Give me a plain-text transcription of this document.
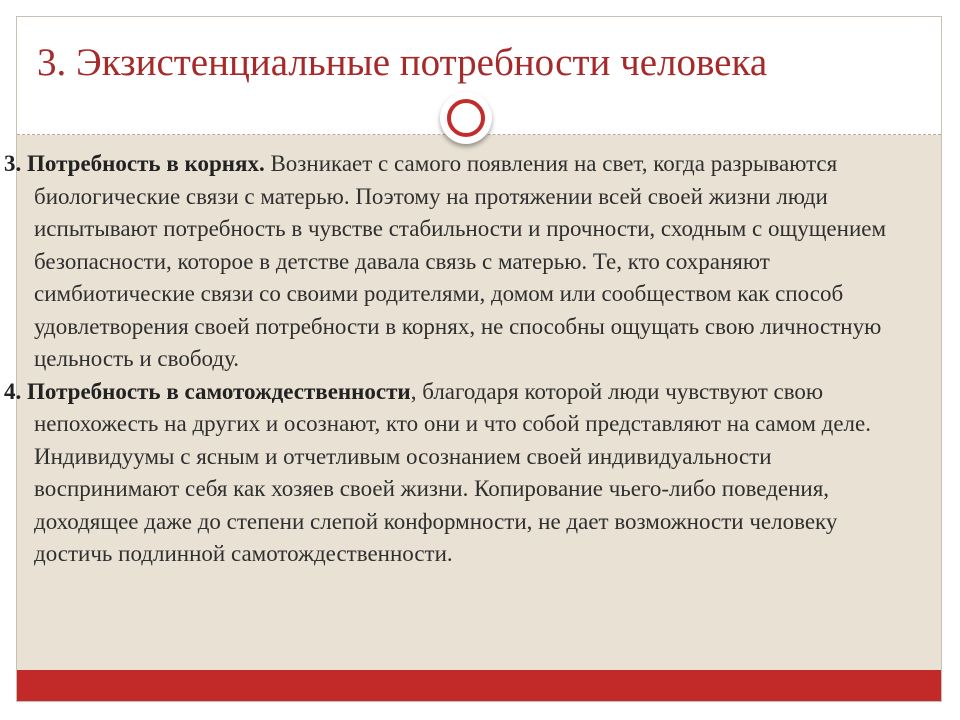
3. Экзистенциальные потребности человека

3. Потребность в корнях. Возникает с самого появления на свет, когда разрываются биологические связи с матерью. Поэтому на протяжении всей своей жизни люди испытывают потребность в чувстве стабильности и прочности, сходным с ощущением безопасности, которое в детстве давала связь с матерью. Те, кто сохраняют симбиотические связи со своими родителями, домом или сообществом как способ удовлетворения своей потребности в корнях, не способны ощущать свою личностную цельность и свободу.

4. Потребность в самотождественности, благодаря которой люди чувствуют свою непохожесть на других и осознают, кто они и что собой представляют на самом деле. Индивидуумы с ясным и отчетливым осознанием своей индивидуальности воспринимают себя как хозяев своей жизни. Копирование чьего-либо поведения, доходящее даже до степени слепой конформности, не дает возможности человеку достичь подлинной самотождественности.
